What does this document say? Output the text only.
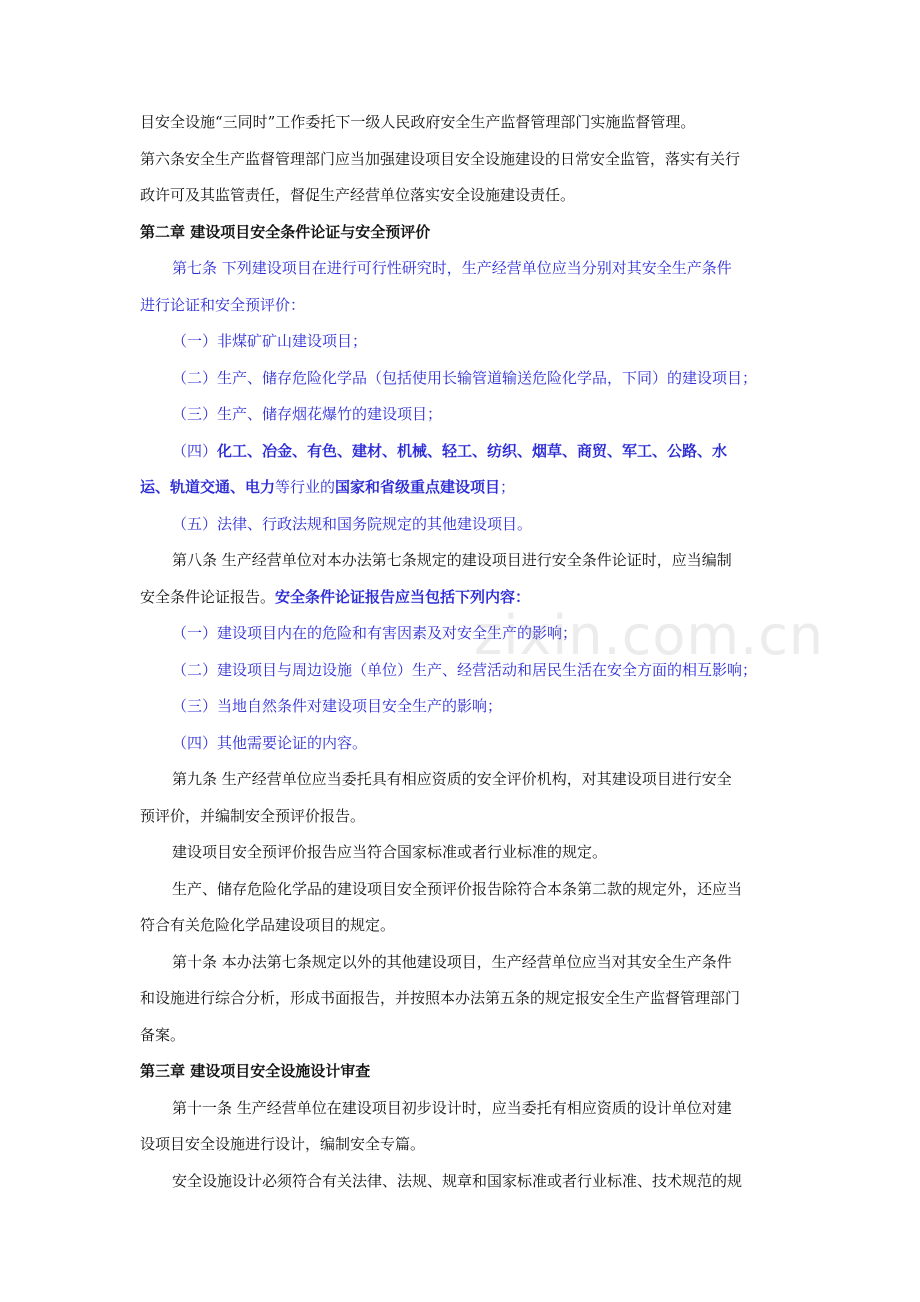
目安全设施“三同时”工作委托下一级人民政府安全生产监督管理部门实施监督管理。
第六条安全生产监督管理部门应当加强建设项目安全设施建设的日常安全监管，落实有关行
政许可及其监管责任，督促生产经营单位落实安全设施建设责任。
第二章 建设项目安全条件论证与安全预评价
第七条 下列建设项目在进行可行性研究时，生产经营单位应当分别对其安全生产条件
进行论证和安全预评价：
（一）非煤矿矿山建设项目；
（二）生产、储存危险化学品（包括使用长输管道输送危险化学品，下同）的建设项目；
（三）生产、储存烟花爆竹的建设项目；
（四）化工、冶金、有色、建材、机械、轻工、纺织、烟草、商贸、军工、公路、水
运、轨道交通、电力等行业的国家和省级重点建设项目；
（五）法律、行政法规和国务院规定的其他建设项目。
第八条 生产经营单位对本办法第七条规定的建设项目进行安全条件论证时，应当编制
安全条件论证报告。安全条件论证报告应当包括下列内容：
（一）建设项目内在的危险和有害因素及对安全生产的影响；
（二）建设项目与周边设施（单位）生产、经营活动和居民生活在安全方面的相互影响；
（三）当地自然条件对建设项目安全生产的影响；
（四）其他需要论证的内容。
第九条 生产经营单位应当委托具有相应资质的安全评价机构，对其建设项目进行安全
预评价，并编制安全预评价报告。
建设项目安全预评价报告应当符合国家标准或者行业标准的规定。
生产、储存危险化学品的建设项目安全预评价报告除符合本条第二款的规定外，还应当
符合有关危险化学品建设项目的规定。
第十条 本办法第七条规定以外的其他建设项目，生产经营单位应当对其安全生产条件
和设施进行综合分析，形成书面报告，并按照本办法第五条的规定报安全生产监督管理部门
备案。
第三章 建设项目安全设施设计审查
第十一条 生产经营单位在建设项目初步设计时，应当委托有相应资质的设计单位对建
设项目安全设施进行设计，编制安全专篇。
安全设施设计必须符合有关法律、法规、规章和国家标准或者行业标准、技术规范的规
zixin.com.cn
